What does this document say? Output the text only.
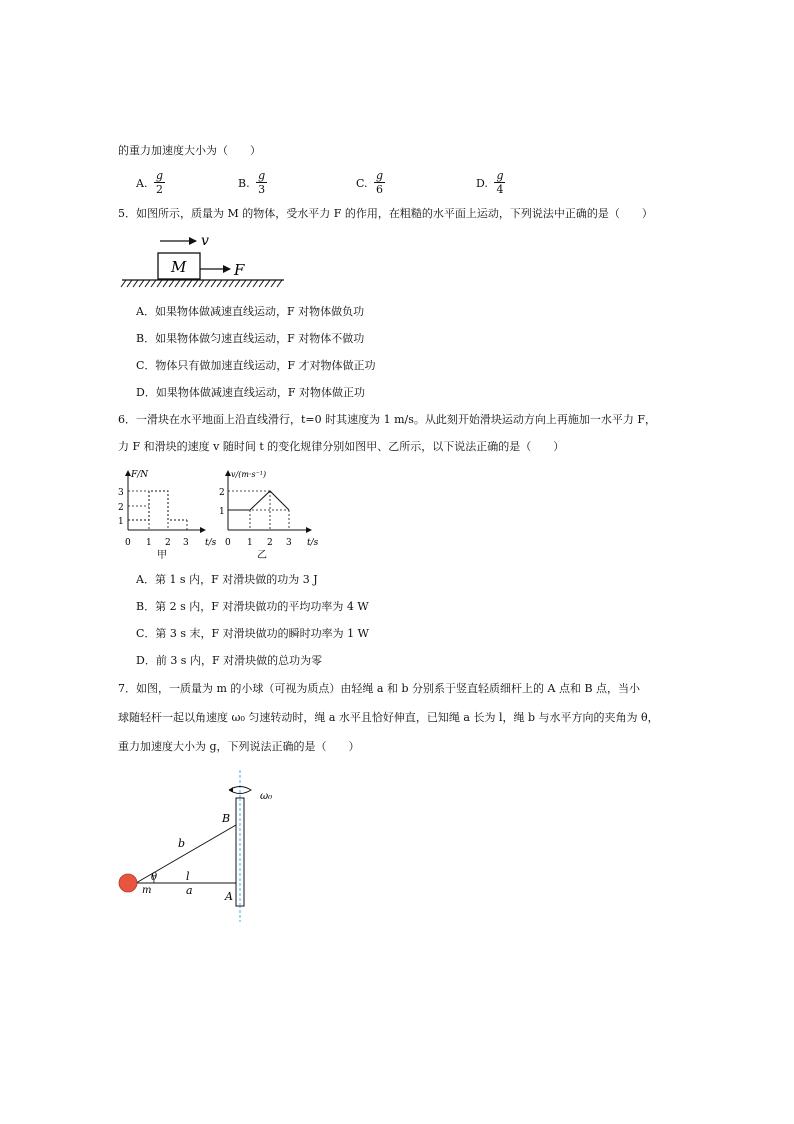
的重力加速度大小为（　　）
A. $\frac{g}{2}$	B. $\frac{g}{3}$	C. $\frac{g}{6}$	D. $\frac{g}{4}$
5．如图所示，质量为 M 的物体，受水平力 F 的作用，在粗糙的水平面上运动，下列说法中正确的是（　　）
v
M	F
A．如果物体做减速直线运动，F 对物体做负功
B．如果物体做匀速直线运动，F 对物体不做功
C．物体只有做加速直线运动，F 才对物体做正功
D．如果物体做减速直线运动，F 对物体做正功
6．一滑块在水平地面上沿直线滑行，t=0 时其速度为 1 m/s。从此刻开始滑块运动方向上再施加一水平力 F，
力 F 和滑块的速度 v 随时间 t 的变化规律分别如图甲、乙所示，以下说法正确的是（　　）
F/N
t/s
3
2
1
0 1 2 3
甲
v/(m·s⁻¹)
t/s
2
1
0 1 2 3
乙
A．第 1 s 内，F 对滑块做的功为 3 J
B．第 2 s 内，F 对滑块做功的平均功率为 4 W
C．第 3 s 末，F 对滑块做功的瞬时功率为 1 W
D．前 3 s 内，F 对滑块做的总功为零
7．如图，一质量为 m 的小球（可视为质点）由轻绳 a 和 b 分别系于竖直轻质细杆上的 A 点和 B 点，当小
球随轻杆一起以角速度 ω₀ 匀速转动时，绳 a 水平且恰好伸直，已知绳 a 长为 l，绳 b 与水平方向的夹角为 θ，
重力加速度大小为 g，下列说法正确的是（　　）
ω₀
B
A
b
a
l
θ
m
